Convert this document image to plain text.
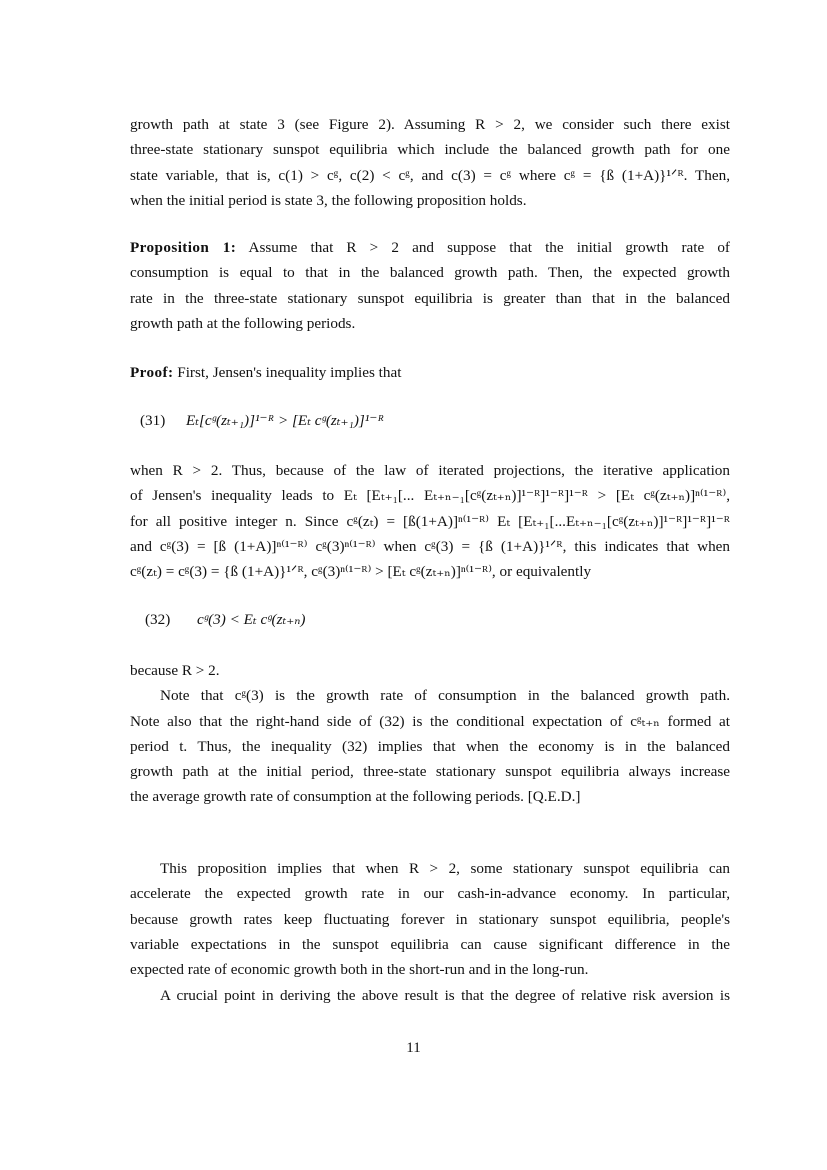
growth path at state 3 (see Figure 2). Assuming R > 2, we consider such there exist
three-state stationary sunspot equilibria which include the balanced growth path for one
state variable, that is, c(1) > cᵍ, c(2) < cᵍ, and c(3) = cᵍ where cᵍ = {ß (1+A)}¹ᐟᴿ. Then,
when the initial period is state 3, the following proposition holds.
Proposition 1: Assume that R > 2 and suppose that the initial growth rate of
consumption is equal to that in the balanced growth path. Then, the expected growth
rate in the three-state stationary sunspot equilibria is greater than that in the balanced
growth path at the following periods.
Proof: First, Jensen's inequality implies that
(31) Eₜ[cᵍ(zₜ₊₁)]¹⁻ᴿ > [Eₜ cᵍ(zₜ₊₁)]¹⁻ᴿ
when R > 2. Thus, because of the law of iterated projections, the iterative application
of Jensen's inequality leads to Eₜ [Eₜ₊₁[... Eₜ₊ₙ₋₁[cᵍ(zₜ₊ₙ)]¹⁻ᴿ]¹⁻ᴿ]¹⁻ᴿ > [Eₜ cᵍ(zₜ₊ₙ)]ⁿ⁽¹⁻ᴿ⁾,
for all positive integer n. Since cᵍ(zₜ) = [ß(1+A)]ⁿ⁽¹⁻ᴿ⁾ Eₜ [Eₜ₊₁[...Eₜ₊ₙ₋₁[cᵍ(zₜ₊ₙ)]¹⁻ᴿ]¹⁻ᴿ]¹⁻ᴿ
and cᵍ(3) = [ß (1+A)]ⁿ⁽¹⁻ᴿ⁾ cᵍ(3)ⁿ⁽¹⁻ᴿ⁾ when cᵍ(3) = {ß (1+A)}¹ᐟᴿ, this indicates that when
cᵍ(zₜ) = cᵍ(3) = {ß (1+A)}¹ᐟᴿ, cᵍ(3)ⁿ⁽¹⁻ᴿ⁾ > [Eₜ cᵍ(zₜ₊ₙ)]ⁿ⁽¹⁻ᴿ⁾, or equivalently
(32) cᵍ(3) < Eₜ cᵍ(zₜ₊ₙ)
because R > 2.
Note that cᵍ(3) is the growth rate of consumption in the balanced growth path.
Note also that the right-hand side of (32) is the conditional expectation of cᵍₜ₊ₙ formed at
period t. Thus, the inequality (32) implies that when the economy is in the balanced
growth path at the initial period, three-state stationary sunspot equilibria always increase
the average growth rate of consumption at the following periods. [Q.E.D.]
This proposition implies that when R > 2, some stationary sunspot equilibria can
accelerate the expected growth rate in our cash-in-advance economy. In particular,
because growth rates keep fluctuating forever in stationary sunspot equilibria, people's
variable expectations in the sunspot equilibria can cause significant difference in the
expected rate of economic growth both in the short-run and in the long-run.
A crucial point in deriving the above result is that the degree of relative risk aversion is
11
